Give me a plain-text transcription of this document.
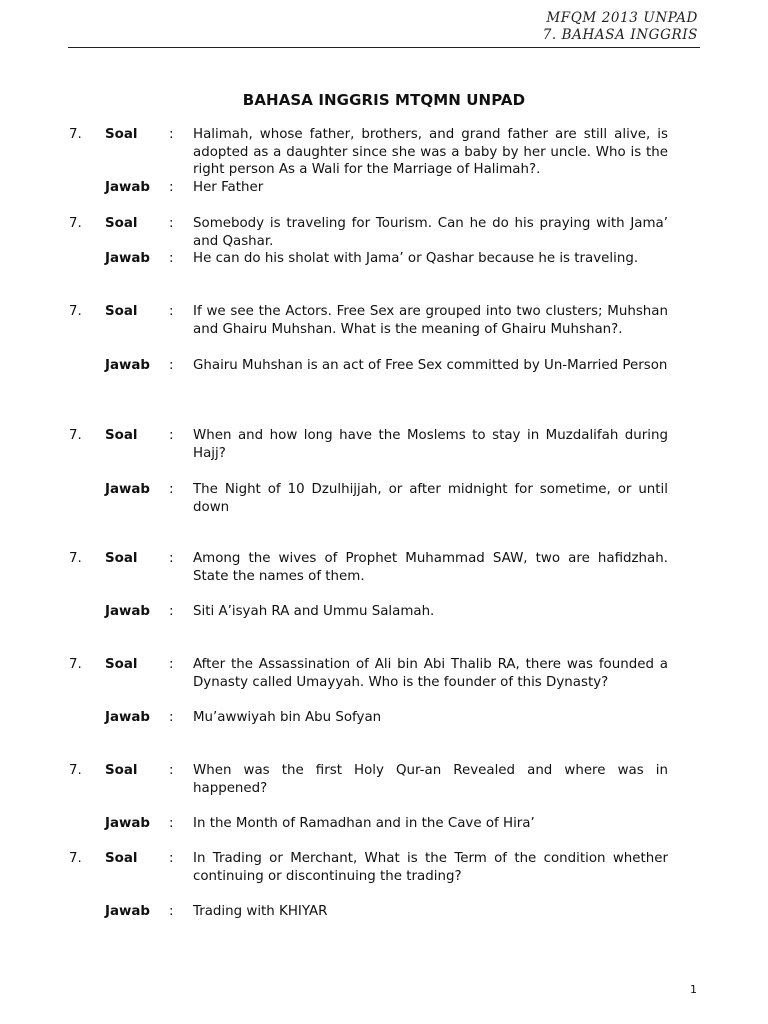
MFQM 2013 UNPAD
7. BAHASA INGGRIS
BAHASA INGGRIS MTQMN UNPAD
7. Soal : Halimah, whose father, brothers, and grand father are still alive, is adopted as a daughter since she was a baby by her uncle. Who is the right person As a Wali for the Marriage of Halimah?.
Jawab : Her Father
7. Soal : Somebody is traveling for Tourism. Can he do his praying with Jama’ and Qashar.
Jawab : He can do his sholat with Jama’ or Qashar because he is traveling.
7. Soal : If we see the Actors. Free Sex are grouped into two clusters; Muhshan and Ghairu Muhshan. What is the meaning of Ghairu Muhshan?.
Jawab : Ghairu Muhshan is an act of Free Sex committed by Un-Married Person
7. Soal : When and how long have the Moslems to stay in Muzdalifah during Hajj?
Jawab : The Night of 10 Dzulhijjah, or after midnight for sometime, or until down
7. Soal : Among the wives of Prophet Muhammad SAW, two are hafidzhah. State the names of them.
Jawab : Siti A’isyah RA and Ummu Salamah.
7. Soal : After the Assassination of Ali bin Abi Thalib RA, there was founded a Dynasty called Umayyah. Who is the founder of this Dynasty?
Jawab : Mu’awwiyah bin Abu Sofyan
7. Soal : When was the first Holy Qur-an Revealed and where was in happened?
Jawab : In the Month of Ramadhan and in the Cave of Hira’
7. Soal : In Trading or Merchant, What is the Term of the condition whether continuing or discontinuing the trading?
Jawab : Trading with KHIYAR
1
